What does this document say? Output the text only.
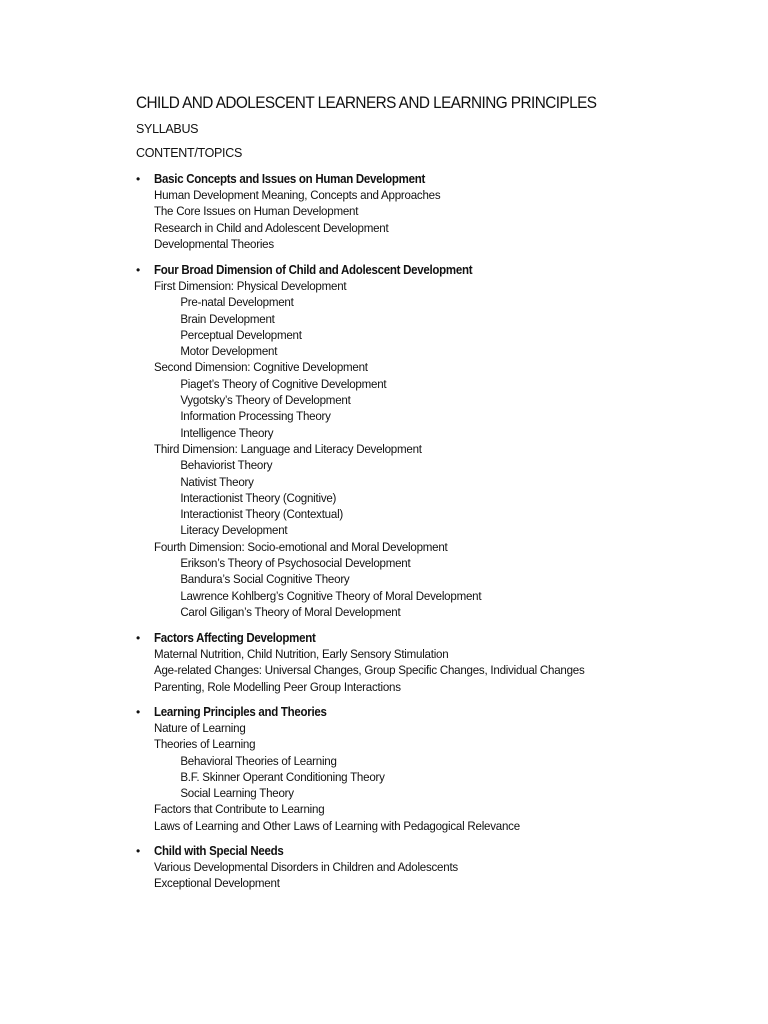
CHILD AND ADOLESCENT LEARNERS AND LEARNING PRINCIPLES
SYLLABUS
CONTENT/TOPICS
• Basic Concepts and Issues on Human Development
Human Development Meaning, Concepts and Approaches
The Core Issues on Human Development
Research in Child and Adolescent Development
Developmental Theories
• Four Broad Dimension of Child and Adolescent Development
First Dimension: Physical Development
Pre-natal Development
Brain Development
Perceptual Development
Motor Development
Second Dimension: Cognitive Development
Piaget’s Theory of Cognitive Development
Vygotsky’s Theory of Development
Information Processing Theory
Intelligence Theory
Third Dimension: Language and Literacy Development
Behaviorist Theory
Nativist Theory
Interactionist Theory (Cognitive)
Interactionist Theory (Contextual)
Literacy Development
Fourth Dimension: Socio-emotional and Moral Development
Erikson’s Theory of Psychosocial Development
Bandura’s Social Cognitive Theory
Lawrence Kohlberg’s Cognitive Theory of Moral Development
Carol Giligan’s Theory of Moral Development
• Factors Affecting Development
Maternal Nutrition, Child Nutrition, Early Sensory Stimulation
Age-related Changes: Universal Changes, Group Specific Changes, Individual Changes
Parenting, Role Modelling Peer Group Interactions
• Learning Principles and Theories
Nature of Learning
Theories of Learning
Behavioral Theories of Learning
B.F. Skinner Operant Conditioning Theory
Social Learning Theory
Factors that Contribute to Learning
Laws of Learning and Other Laws of Learning with Pedagogical Relevance
• Child with Special Needs
Various Developmental Disorders in Children and Adolescents
Exceptional Development
